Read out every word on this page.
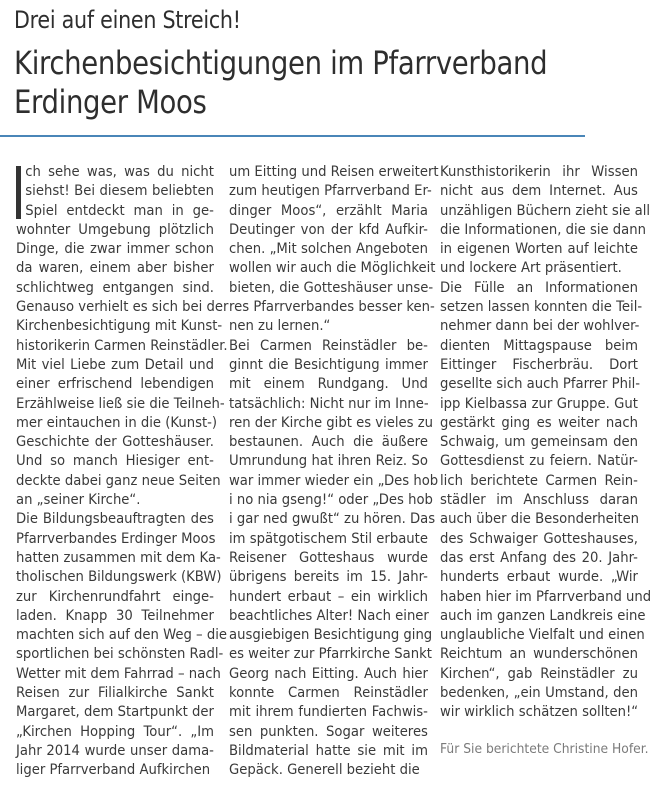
Drei auf einen Streich!
Kirchenbesichtigungen im Pfarrverband
Erdinger Moos
ch sehe was, was du nicht
siehst! Bei diesem beliebten
Spiel entdeckt man in ge-
wohnter Umgebung plötzlich
Dinge, die zwar immer schon
da waren, einem aber bisher
schlichtweg entgangen sind.
Genauso verhielt es sich bei der
Kirchenbesichtigung mit Kunst-
historikerin Carmen Reinstädler.
Mit viel Liebe zum Detail und
einer erfrischend lebendigen
Erzählweise ließ sie die Teilneh-
mer eintauchen in die (Kunst-)
Geschichte der Gotteshäuser.
Und so manch Hiesiger ent-
deckte dabei ganz neue Seiten
an „seiner Kirche“.
Die Bildungsbeauftragten des
Pfarrverbandes Erdinger Moos
hatten zusammen mit dem Ka-
tholischen Bildungswerk (KBW)
zur Kirchenrundfahrt einge-
laden. Knapp 30 Teilnehmer
machten sich auf den Weg – die
sportlichen bei schönsten Radl-
Wetter mit dem Fahrrad – nach
Reisen zur Filialkirche Sankt
Margaret, dem Startpunkt der
„Kirchen Hopping Tour“. „Im
Jahr 2014 wurde unser dama-
liger Pfarrverband Aufkirchen
um Eitting und Reisen erweitert
zum heutigen Pfarrverband Er-
dinger Moos“, erzählt Maria
Deutinger von der kfd Aufkir-
chen. „Mit solchen Angeboten
wollen wir auch die Möglichkeit
bieten, die Gotteshäuser unse-
res Pfarrverbandes besser ken-
nen zu lernen.“
Bei Carmen Reinstädler be-
ginnt die Besichtigung immer
mit einem Rundgang. Und
tatsächlich: Nicht nur im Inne-
ren der Kirche gibt es vieles zu
bestaunen. Auch die äußere
Umrundung hat ihren Reiz. So
war immer wieder ein „Des hob
i no nia gseng!“ oder „Des hob
i gar ned gwußt“ zu hören. Das
im spätgotischem Stil erbaute
Reisener Gotteshaus wurde
übrigens bereits im 15. Jahr-
hundert erbaut – ein wirklich
beachtliches Alter! Nach einer
ausgiebigen Besichtigung ging
es weiter zur Pfarrkirche Sankt
Georg nach Eitting. Auch hier
konnte Carmen Reinstädler
mit ihrem fundierten Fachwis-
sen punkten. Sogar weiteres
Bildmaterial hatte sie mit im
Gepäck. Generell bezieht die
Kunsthistorikerin ihr Wissen
nicht aus dem Internet. Aus
unzähligen Büchern zieht sie all
die Informationen, die sie dann
in eigenen Worten auf leichte
und lockere Art präsentiert.
Die Fülle an Informationen
setzen lassen konnten die Teil-
nehmer dann bei der wohlver-
dienten Mittagspause beim
Eittinger Fischerbräu. Dort
gesellte sich auch Pfarrer Phil-
ipp Kielbassa zur Gruppe. Gut
gestärkt ging es weiter nach
Schwaig, um gemeinsam den
Gottesdienst zu feiern. Natür-
lich berichtete Carmen Rein-
städler im Anschluss daran
auch über die Besonderheiten
des Schwaiger Gotteshauses,
das erst Anfang des 20. Jahr-
hunderts erbaut wurde. „Wir
haben hier im Pfarrverband und
auch im ganzen Landkreis eine
unglaubliche Vielfalt und einen
Reichtum an wunderschönen
Kirchen“, gab Reinstädler zu
bedenken, „ein Umstand, den
wir wirklich schätzen sollten!“
Für Sie berichtete Christine Hofer.
